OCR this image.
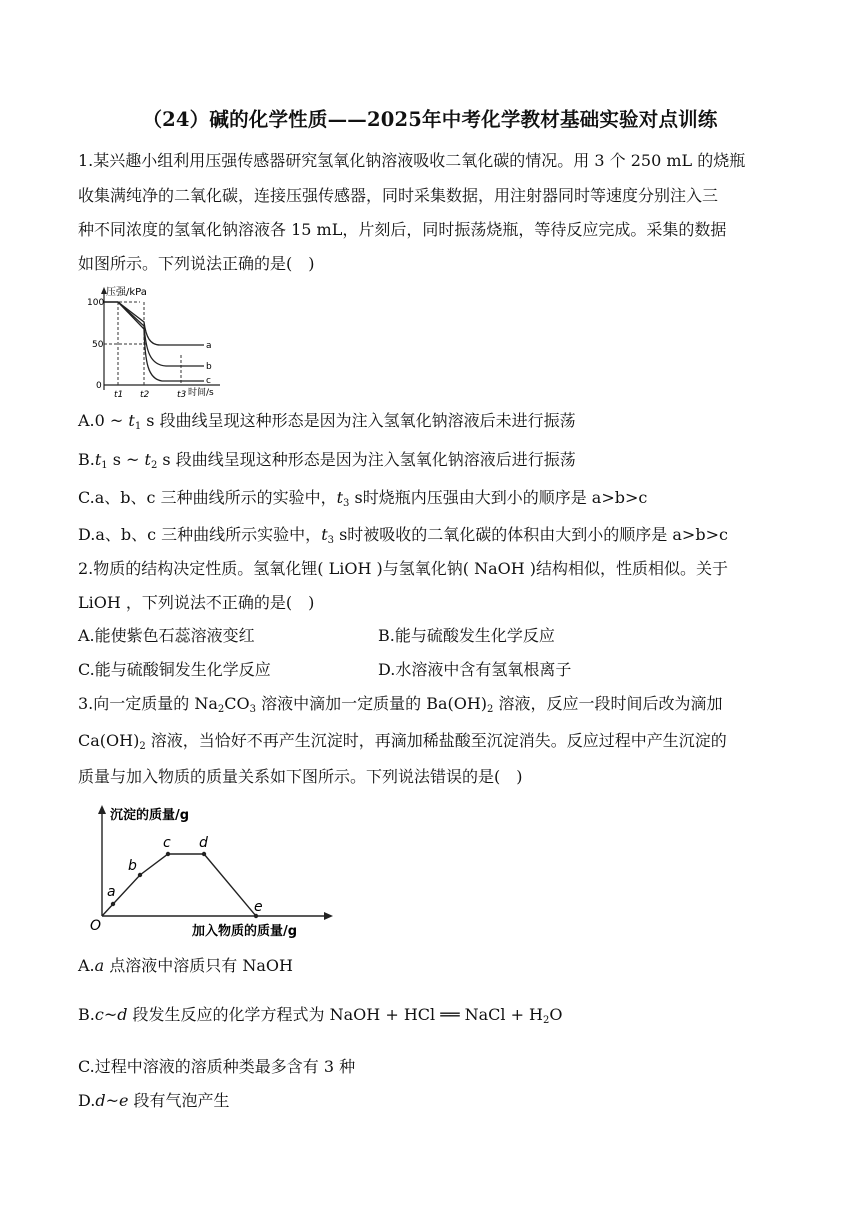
（24）碱的化学性质——2025年中考化学教材基础实验对点训练
1.某兴趣小组利用压强传感器研究氢氧化钠溶液吸收二氧化碳的情况。用 3 个 250 mL 的烧瓶
收集满纯净的二氧化碳，连接压强传感器，同时采集数据，用注射器同时等速度分别注入三
种不同浓度的氢氧化钠溶液各 15 mL，片刻后，同时振荡烧瓶，等待反应完成。采集的数据
如图所示。下列说法正确的是(　)
压强/kPa
时间/s
100
50
0
t1 t2	t3
a
b
c
A.0 ~ $t_1$ s 段曲线呈现这种形态是因为注入氢氧化钠溶液后未进行振荡
$B.t_1$ s ~ $t_2$ s 段曲线呈现这种形态是因为注入氢氧化钠溶液后进行振荡
C.a、b、c 三种曲线所示的实验中，$t_3$ s时烧瓶内压强由大到小的顺序是 a>b>c
D.a、b、c 三种曲线所示实验中，$t_3$ s时被吸收的二氧化碳的体积由大到小的顺序是 a>b>c
2.物质的结构决定性质。氢氧化锂( LiOH )与氢氧化钠( NaOH )结构相似，性质相似。关于
LiOH ，下列说法不正确的是(　)
A.能使紫色石蕊溶液变红	B.能与硫酸发生化学反应
C.能与硫酸铜发生化学反应	D.水溶液中含有氢氧根离子
3.向一定质量的 $Na_2CO_3$ 溶液中滴加一定质量的 $Ba(OH)_2$ 溶液，反应一段时间后改为滴加
$Ca(OH)_2$ 溶液，当恰好不再产生沉淀时，再滴加稀盐酸至沉淀消失。反应过程中产生沉淀的
质量与加入物质的质量关系如下图所示。下列说法错误的是(　)
沉淀的质量/g
加入物质的质量/g
O
a
b
c d
e
A.a 点溶液中溶质只有 NaOH
B.c~d 段发生反应的化学方程式为 NaOH + HCl ══ NaCl + $H_2O$
C.过程中溶液的溶质种类最多含有 3 种
D.d~e 段有气泡产生
